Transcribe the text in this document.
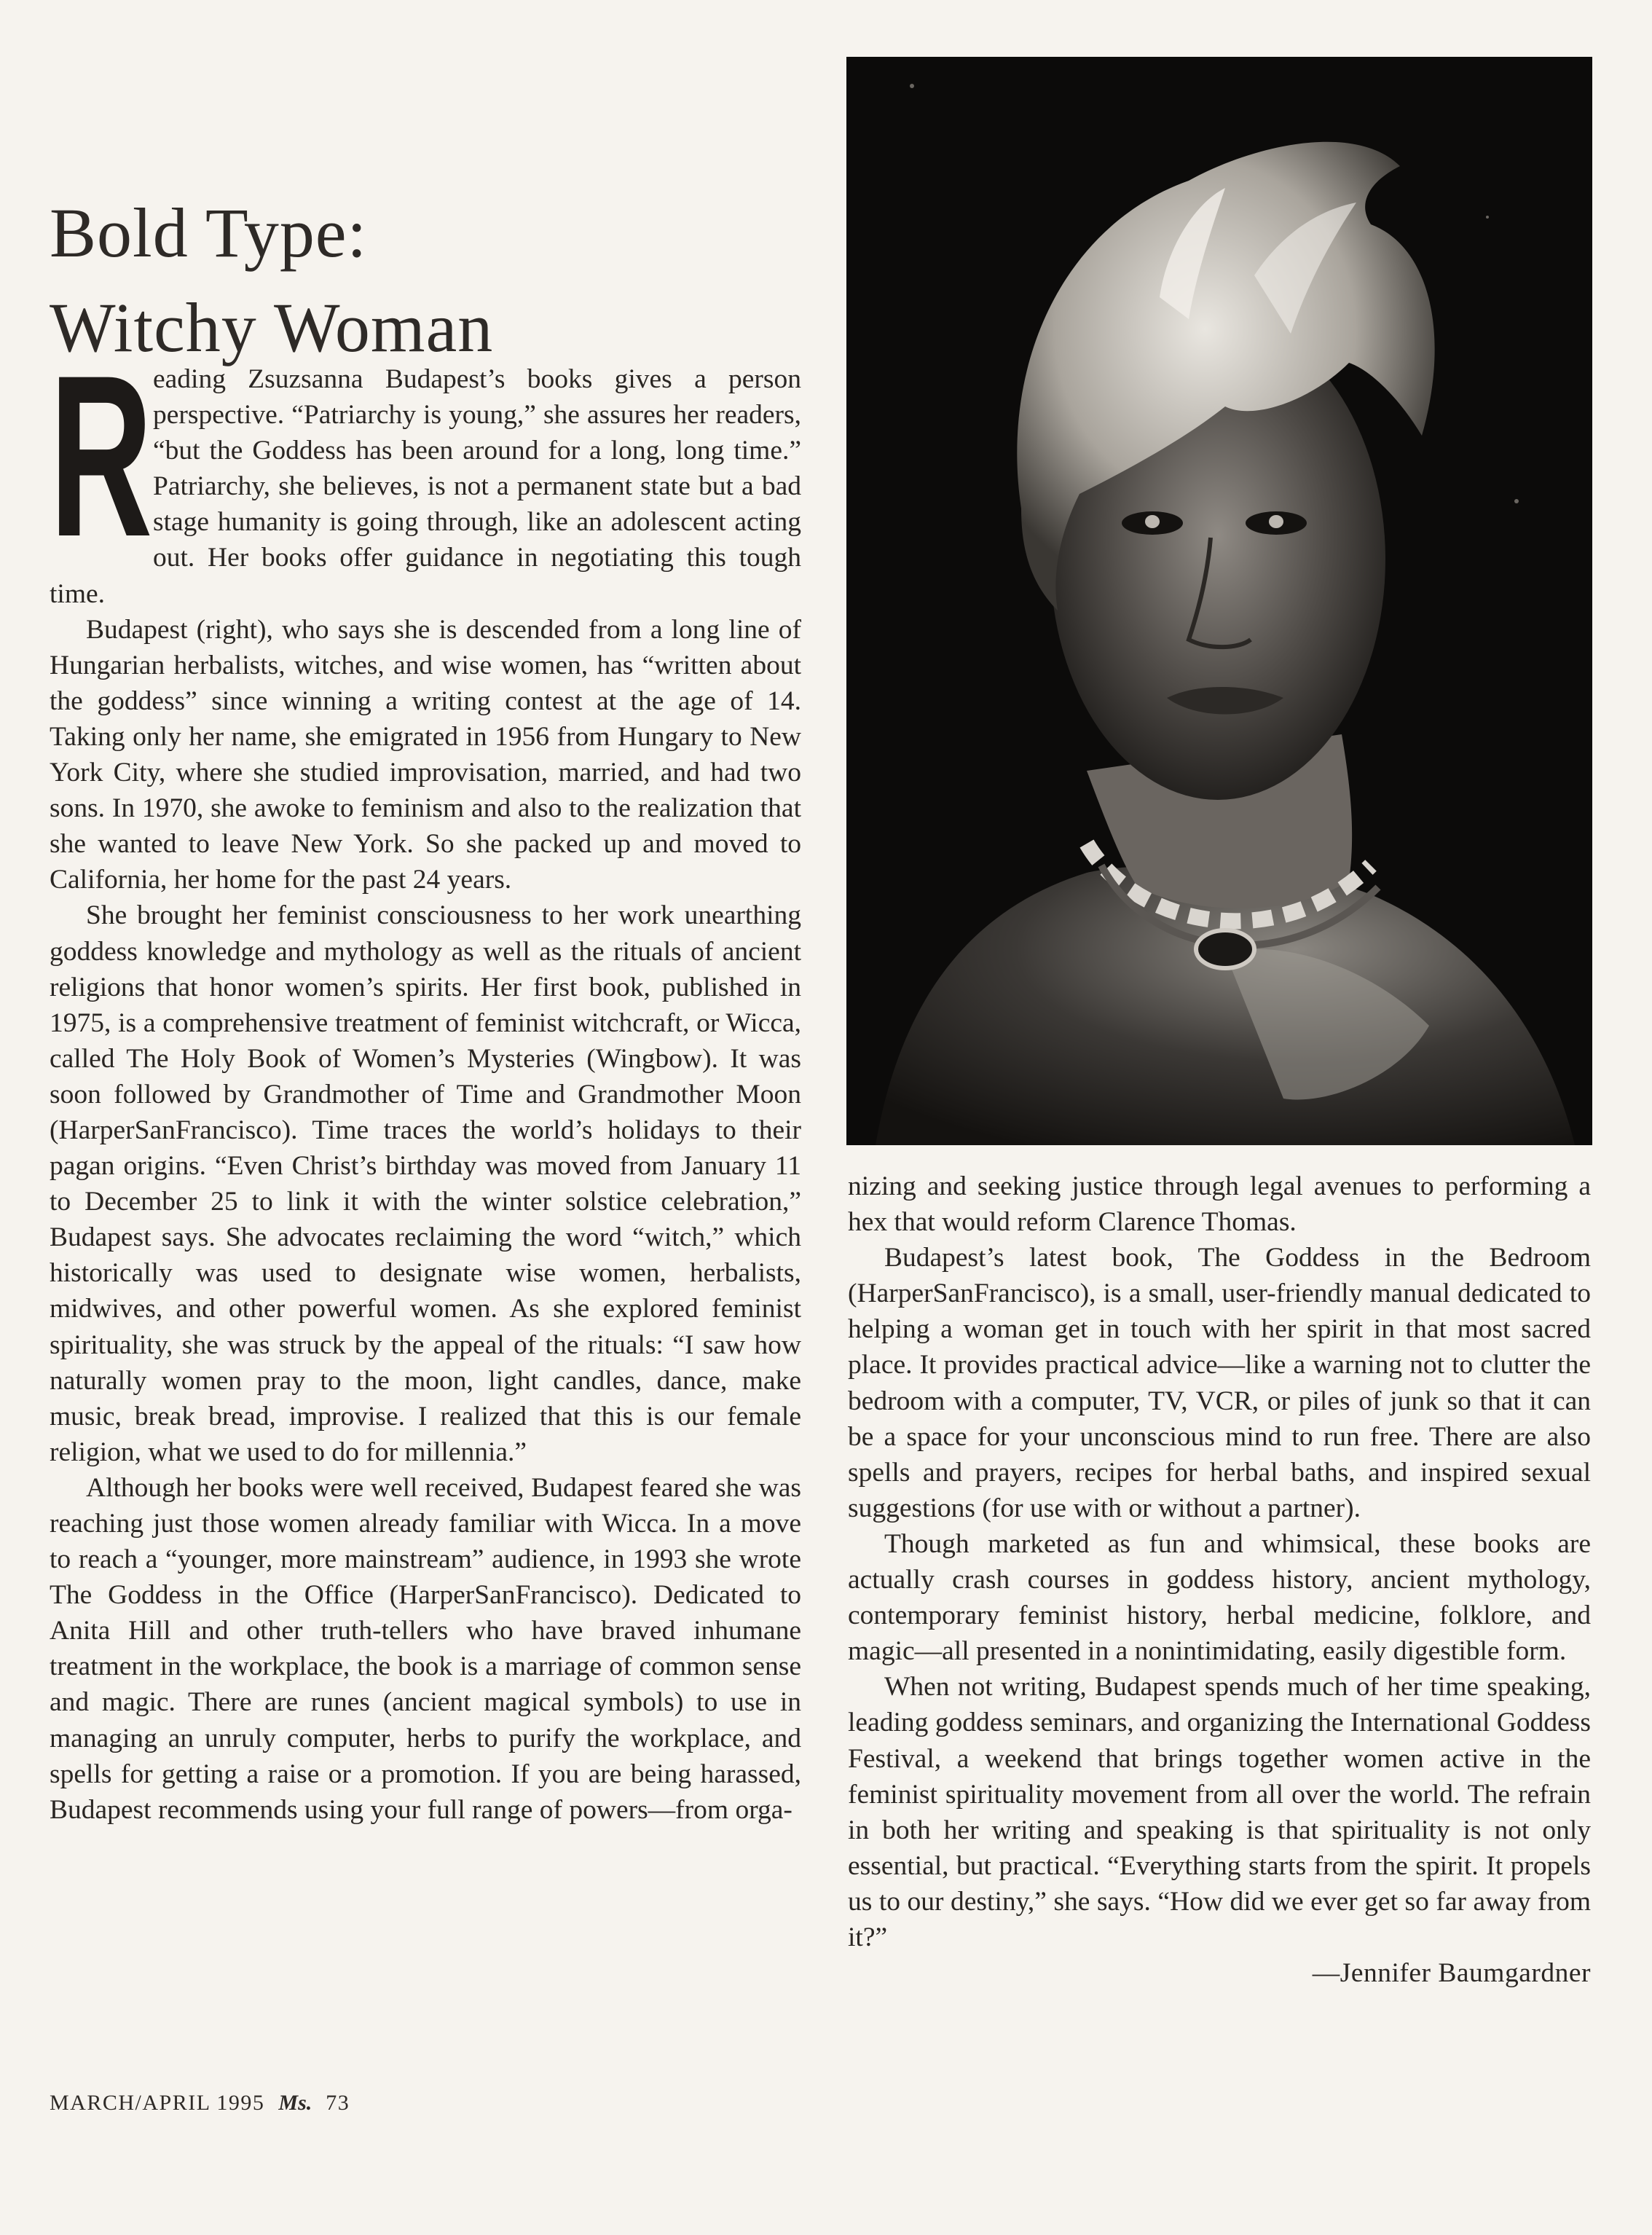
Bold Type:
Witchy Woman
R eading Zsuzsanna Budapest’s books gives a person perspective. “Patriarchy is young,” she assures her readers, “but the Goddess has been around for a long, long time.” Patriarchy, she believes, is not a permanent state but a bad stage humanity is going through, like an adolescent acting out. Her books offer guidance in negotiating this tough time.

Budapest (right), who says she is descended from a long line of Hungarian herbalists, witches, and wise women, has “written about the goddess” since winning a writing contest at the age of 14. Taking only her name, she emigrated in 1956 from Hungary to New York City, where she studied improvisation, married, and had two sons. In 1970, she awoke to feminism and also to the realization that she wanted to leave New York. So she packed up and moved to California, her home for the past 24 years.

She brought her feminist consciousness to her work unearthing goddess knowledge and mythology as well as the rituals of ancient religions that honor women’s spirits. Her first book, published in 1975, is a comprehensive treatment of feminist witchcraft, or Wicca, called The Holy Book of Women’s Mysteries (Wingbow). It was soon followed by Grandmother of Time and Grandmother Moon (HarperSanFrancisco). Time traces the world’s holidays to their pagan origins. “Even Christ’s birthday was moved from January 11 to December 25 to link it with the winter solstice celebration,” Budapest says. She advocates reclaiming the word “witch,” which historically was used to designate wise women, herbalists, midwives, and other powerful women. As she explored feminist spirituality, she was struck by the appeal of the rituals: “I saw how naturally women pray to the moon, light candles, dance, make music, break bread, improvise. I realized that this is our female religion, what we used to do for millennia.”

Although her books were well received, Budapest feared she was reaching just those women already familiar with Wicca. In a move to reach a “younger, more mainstream” audience, in 1993 she wrote The Goddess in the Office (HarperSanFrancisco). Dedicated to Anita Hill and other truth-tellers who have braved inhumane treatment in the workplace, the book is a marriage of common sense and magic. There are runes (ancient magical symbols) to use in managing an unruly computer, herbs to purify the workplace, and spells for getting a raise or a promotion. If you are being harassed, Budapest recommends using your full range of powers—from orga-

nizing and seeking justice through legal avenues to performing a hex that would reform Clarence Thomas.

Budapest’s latest book, The Goddess in the Bedroom (HarperSanFrancisco), is a small, user-friendly manual dedicated to helping a woman get in touch with her spirit in that most sacred place. It provides practical advice—like a warning not to clutter the bedroom with a computer, TV, VCR, or piles of junk so that it can be a space for your unconscious mind to run free. There are also spells and prayers, recipes for herbal baths, and inspired sexual suggestions (for use with or without a partner).

Though marketed as fun and whimsical, these books are actually crash courses in goddess history, ancient mythology, contemporary feminist history, herbal medicine, folklore, and magic—all presented in a nonintimidating, easily digestible form.

When not writing, Budapest spends much of her time speaking, leading goddess seminars, and organizing the International Goddess Festival, a weekend that brings together women active in the feminist spirituality movement from all over the world. The refrain in both her writing and speaking is that spirituality is not only essential, but practical. “Everything starts from the spirit. It propels us to our destiny,” she says. “How did we ever get so far away from it?”

—Jennifer Baumgardner

MARCH/APRIL 1995 Ms. 73
